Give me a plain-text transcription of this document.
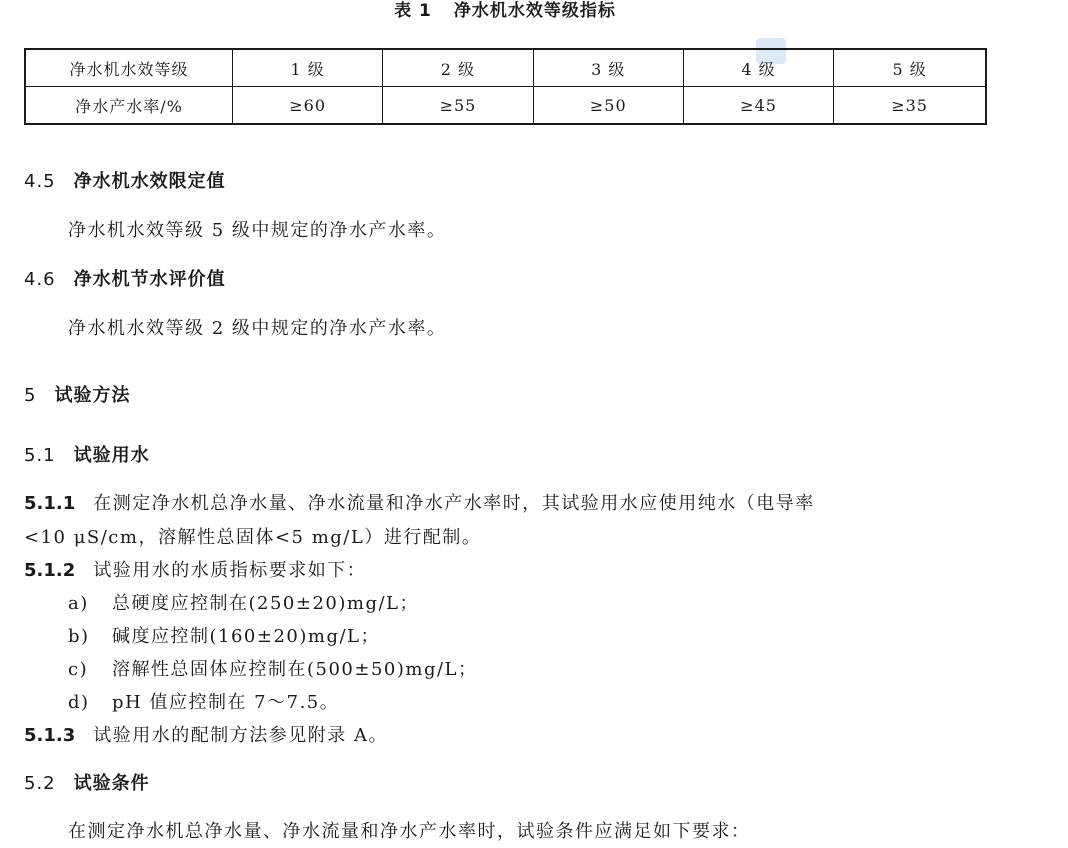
表 1 净水机水效等级指标
净水机水效等级	1 级	2 级	3 级	4 级	5 级
净水产水率/%	≥60	≥55	≥50	≥45	≥35
4.5 净水机水效限定值
净水机水效等级 5 级中规定的净水产水率。
4.6 净水机节水评价值
净水机水效等级 2 级中规定的净水产水率。
5 试验方法
5.1 试验用水
5.1.1 在测定净水机总净水量、净水流量和净水产水率时，其试验用水应使用纯水（电导率
<10 μS/cm，溶解性总固体<5 mg/L）进行配制。
5.1.2 试验用水的水质指标要求如下：
a) 总硬度应控制在(250±20)mg/L；
b) 碱度应控制(160±20)mg/L；
c) 溶解性总固体应控制在(500±50)mg/L；
d) pH 值应控制在 7～7.5。
5.1.3 试验用水的配制方法参见附录 A。
5.2 试验条件
在测定净水机总净水量、净水流量和净水产水率时，试验条件应满足如下要求：
